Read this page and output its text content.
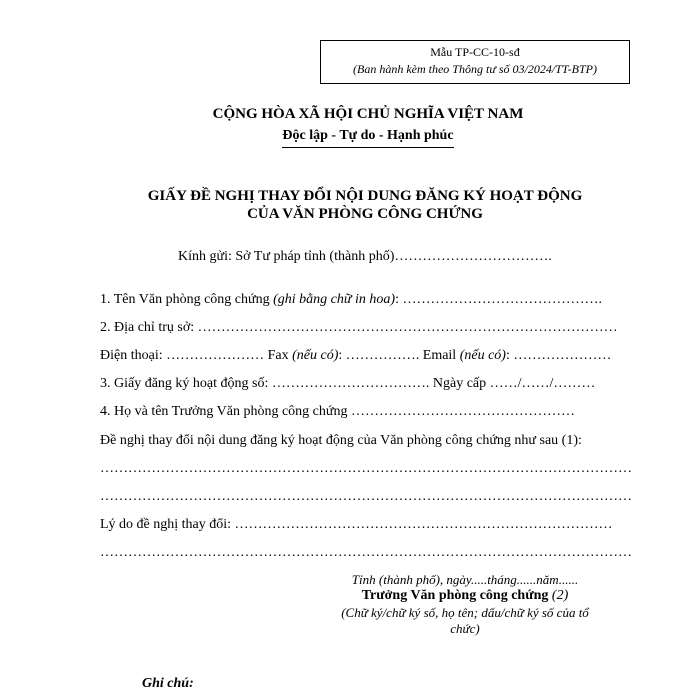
Mẫu TP-CC-10-sđ
(Ban hành kèm theo Thông tư số 03/2024/TT-BTP)
CỘNG HÒA XÃ HỘI CHỦ NGHĨA VIỆT NAM
Độc lập - Tự do - Hạnh phúc
GIẤY ĐỀ NGHỊ THAY ĐỔI NỘI DUNG ĐĂNG KÝ HOẠT ĐỘNG
CỦA VĂN PHÒNG CÔNG CHỨNG
Kính gửi: Sở Tư pháp tỉnh (thành phố)…………………………….
1. Tên Văn phòng công chứng (ghi bằng chữ in hoa): …………………………………….
2. Địa chỉ trụ sở: ………………………………………………………………………………
Điện thoại: ………………… Fax (nếu có): ……………. Email (nếu có): …………………
3. Giấy đăng ký hoạt động số: ……………………………. Ngày cấp ……/……/………
4. Họ và tên Trưởng Văn phòng công chứng …………………………………………
Đề nghị thay đổi nội dung đăng ký hoạt động của Văn phòng công chứng như sau (1):
……………………………………………………………………………………………………
……………………………………………………………………………………………………
Lý do đề nghị thay đổi: ………………………………………………………………………
……………………………………………………………………………………………………
Tỉnh (thành phố), ngày.....tháng......năm......
Trưởng Văn phòng công chứng (2)
(Chữ ký/chữ ký số, họ tên; dấu/chữ ký số của tổ
chức)
Ghi chú:
